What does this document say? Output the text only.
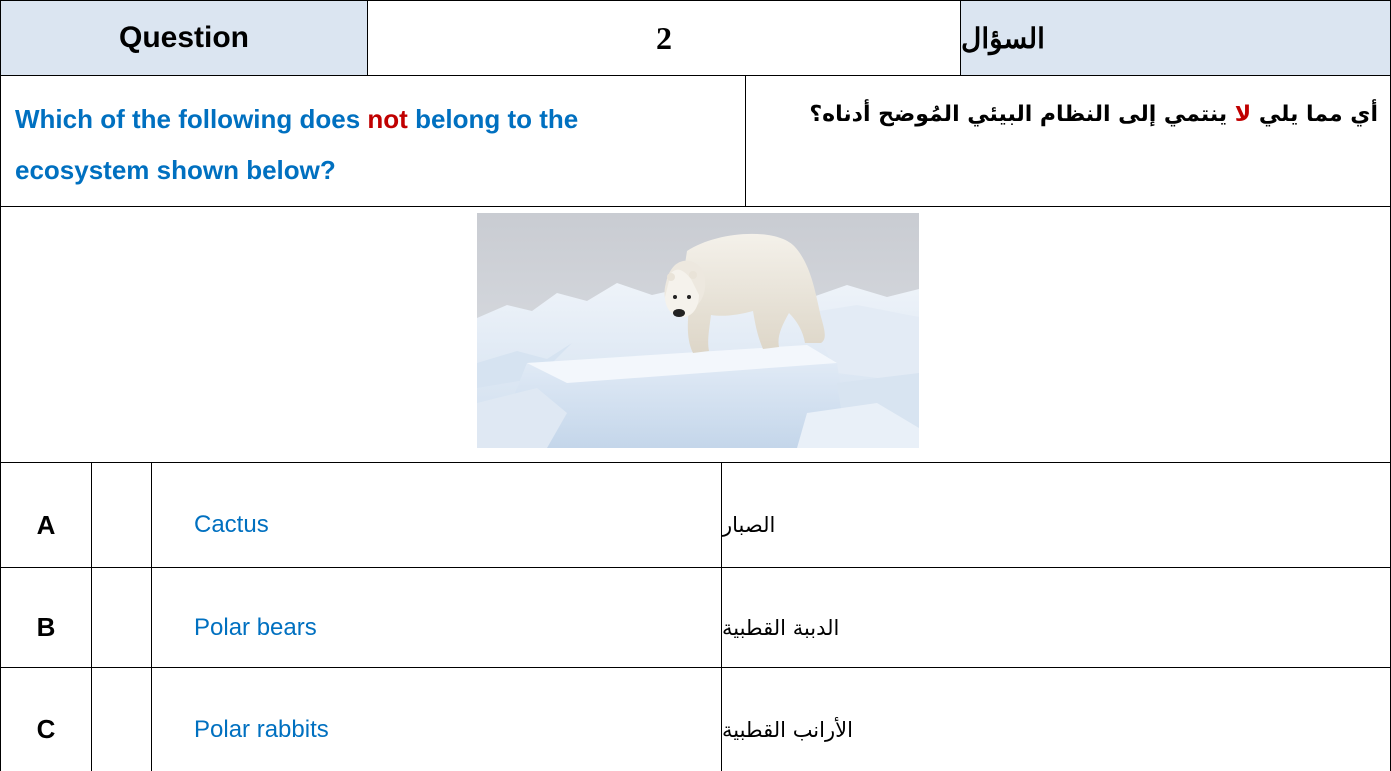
Question	2	السؤال
Which of the following does not belong to the ecosystem shown below?
أي مما يلي لا ينتمي إلى النظام البيئي المُوضح أدناه؟
A	Cactus	الصبار
B	Polar bears	الدببة القطبية
C	Polar rabbits	الأرانب القطبية
